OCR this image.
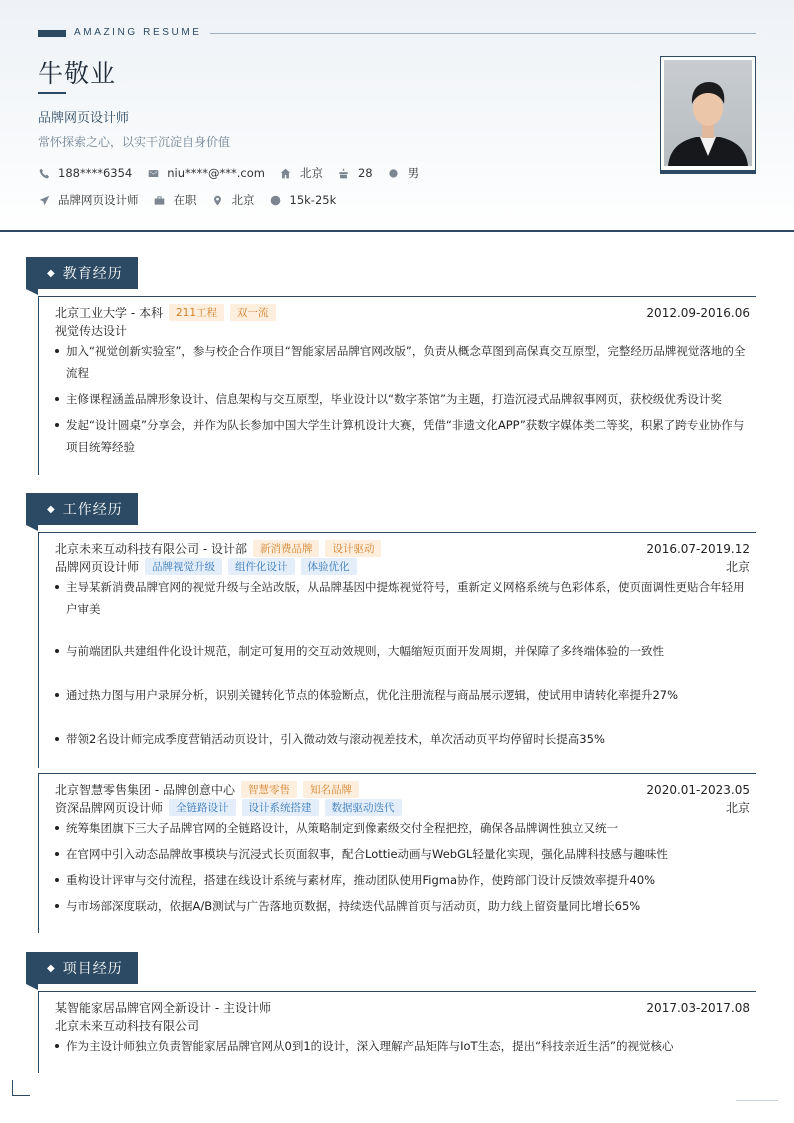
AMAZING RESUME
牛敬业
品牌网页设计师
常怀探索之心，以实干沉淀自身价值
188****6354	niu****@***.com	北京	28	男
品牌网页设计师	在职	北京	15k-25k
◆ 教育经历
北京工业大学 - 本科	211工程	双一流	2012.09-2016.06
视觉传达设计
加入“视觉创新实验室”，参与校企合作项目“智能家居品牌官网改版”，负责从概念草图到高保真交互原型，完整经历品牌视觉落地的全流程
主修课程涵盖品牌形象设计、信息架构与交互原型，毕业设计以“数字茶馆”为主题，打造沉浸式品牌叙事网页，获校级优秀设计奖
发起“设计圆桌”分享会，并作为队长参加中国大学生计算机设计大赛，凭借“非遗文化APP”获数字媒体类二等奖，积累了跨专业协作与项目统筹经验
◆ 工作经历
北京未来互动科技有限公司 - 设计部	新消费品牌	设计驱动	2016.07-2019.12
品牌网页设计师	品牌视觉升级	组件化设计	体验优化	北京
主导某新消费品牌官网的视觉升级与全站改版，从品牌基因中提炼视觉符号，重新定义网格系统与色彩体系，使页面调性更贴合年轻用户审美
与前端团队共建组件化设计规范，制定可复用的交互动效规则，大幅缩短页面开发周期，并保障了多终端体验的一致性
通过热力图与用户录屏分析，识别关键转化节点的体验断点，优化注册流程与商品展示逻辑，使试用申请转化率提升27%
带领2名设计师完成季度营销活动页设计，引入微动效与滚动视差技术，单次活动页平均停留时长提高35%
北京智慧零售集团 - 品牌创意中心	智慧零售	知名品牌	2020.01-2023.05
资深品牌网页设计师	全链路设计	设计系统搭建	数据驱动迭代	北京
统筹集团旗下三大子品牌官网的全链路设计，从策略制定到像素级交付全程把控，确保各品牌调性独立又统一
在官网中引入动态品牌故事模块与沉浸式长页面叙事，配合Lottie动画与WebGL轻量化实现，强化品牌科技感与趣味性
重构设计评审与交付流程，搭建在线设计系统与素材库，推动团队使用Figma协作，使跨部门设计反馈效率提升40%
与市场部深度联动，依据A/B测试与广告落地页数据，持续迭代品牌首页与活动页，助力线上留资量同比增长65%
◆ 项目经历
某智能家居品牌官网全新设计 - 主设计师	2017.03-2017.08
北京未来互动科技有限公司
作为主设计师独立负责智能家居品牌官网从0到1的设计，深入理解产品矩阵与IoT生态，提出“科技亲近生活”的视觉核心
